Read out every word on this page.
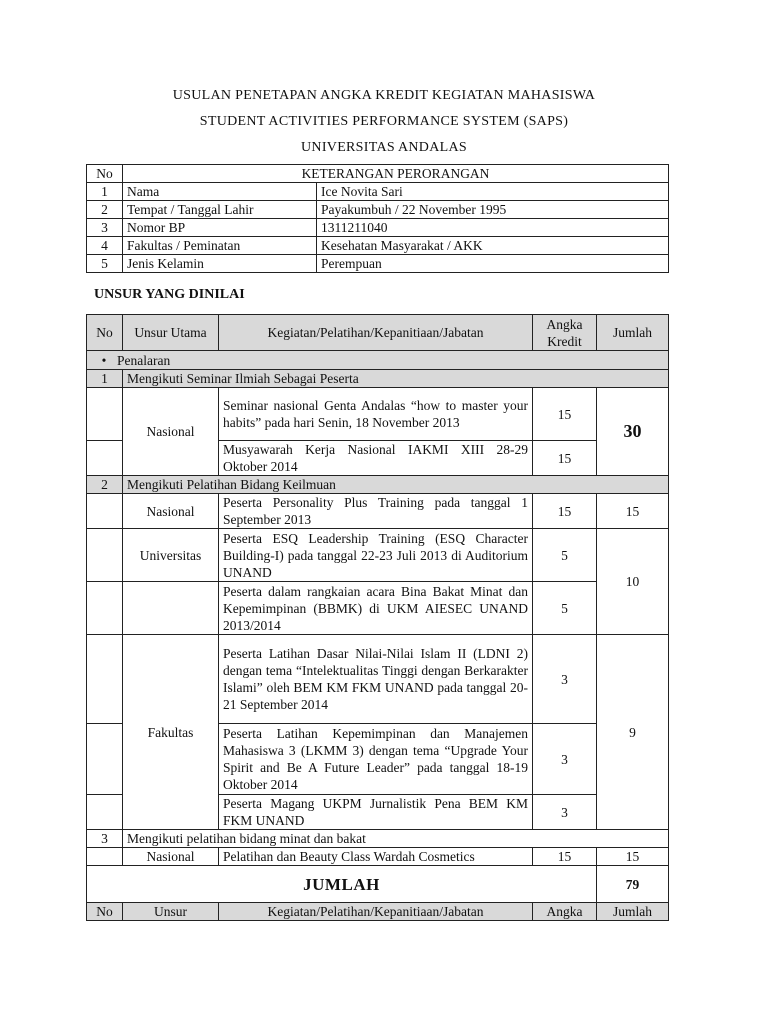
USULAN PENETAPAN ANGKA KREDIT KEGIATAN MAHASISWA
STUDENT ACTIVITIES PERFORMANCE SYSTEM (SAPS)
UNIVERSITAS ANDALAS
No	KETERANGAN PERORANGAN	
1	Nama	Ice Novita Sari
2	Tempat / Tanggal Lahir	Payakumbuh / 22 November 1995
3	Nomor BP	1311211040
4	Fakultas / Peminatan	Kesehatan Masyarakat / AKK
5	Jenis Kelamin	Perempuan
UNSUR YANG DINILAI
No	Unsur Utama	Kegiatan/Pelatihan/Kepanitiaan/Jabatan	Angka Kredit	Jumlah
• Penalaran				
1	Mengikuti Seminar Ilmiah Sebagai Peserta			
	Nasional	Seminar nasional Genta Andalas “how to master your habits” pada hari Senin, 18 November 2013	15	30
		Musyawarah Kerja Nasional IAKMI XIII 28-29 Oktober 2014	15	
2	Mengikuti Pelatihan Bidang Keilmuan			
	Nasional	Peserta Personality Plus Training pada tanggal 1 September 2013	15	15
	Universitas	Peserta ESQ Leadership Training (ESQ Character Building-I) pada tanggal 22-23 Juli 2013 di Auditorium UNAND	5	10
		Peserta dalam rangkaian acara Bina Bakat Minat dan Kepemimpinan (BBMK) di UKM AIESEC UNAND 2013/2014	5	
	Fakultas	Peserta Latihan Dasar Nilai-Nilai Islam II (LDNI 2) dengan tema “Intelektualitas Tinggi dengan Berkarakter Islami” oleh BEM KM FKM UNAND pada tanggal 20-21 September 2014	3	9
		Peserta Latihan Kepemimpinan dan Manajemen Mahasiswa 3 (LKMM 3) dengan tema “Upgrade Your Spirit and Be A Future Leader” pada tanggal 18-19 Oktober 2014	3	
		Peserta Magang UKPM Jurnalistik Pena BEM KM FKM UNAND	3	
3	Mengikuti pelatihan bidang minat dan bakat			
	Nasional	Pelatihan dan Beauty Class Wardah Cosmetics	15	15
JUMLAH				79
No	Unsur	Kegiatan/Pelatihan/Kepanitiaan/Jabatan	Angka	Jumlah
